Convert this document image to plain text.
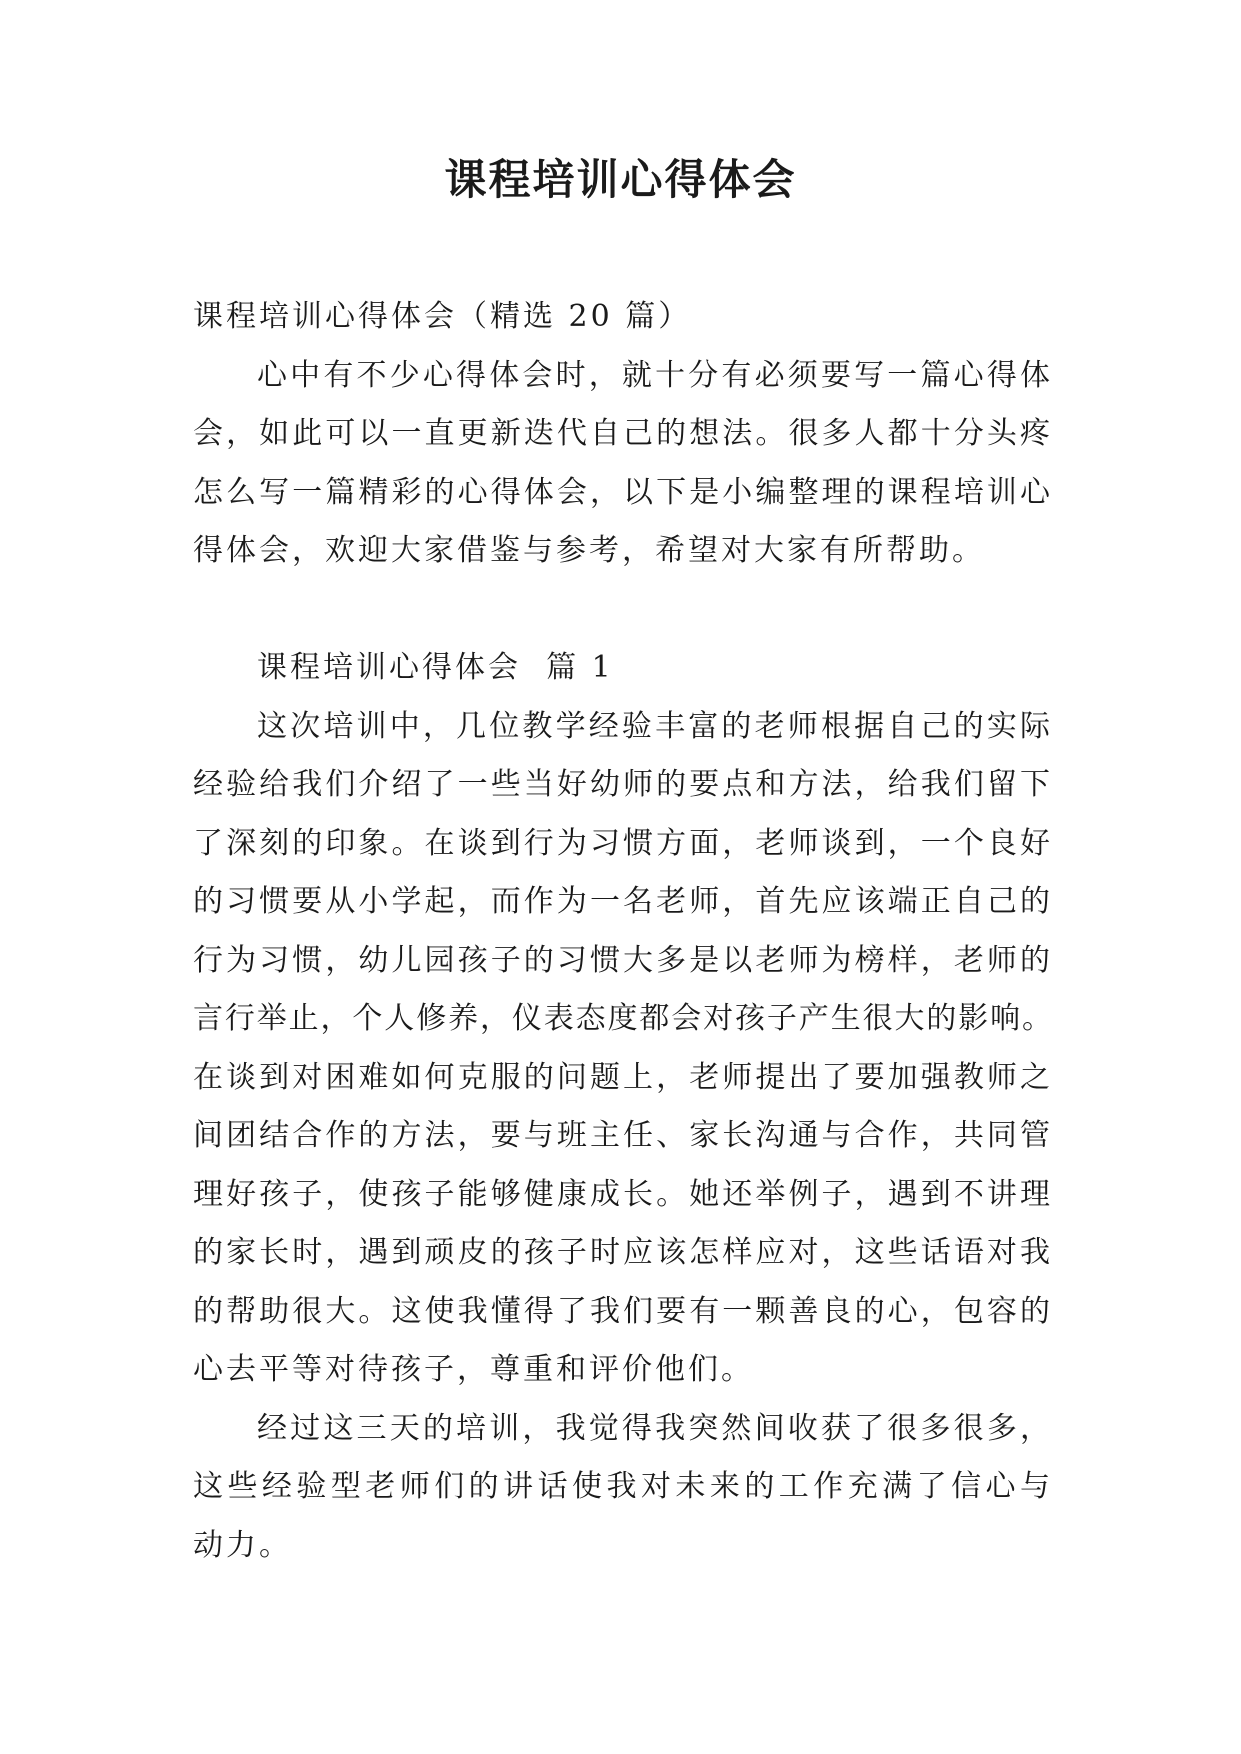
课程培训心得体会

课程培训心得体会（精选 20 篇）

心中有不少心得体会时，就十分有必须要写一篇心得体

会，如此可以一直更新迭代自己的想法。很多人都十分头疼

怎么写一篇精彩的心得体会，以下是小编整理的课程培训心

得体会，欢迎大家借鉴与参考，希望对大家有所帮助。

课程培训心得体会  篇 1

这次培训中，几位教学经验丰富的老师根据自己的实际

经验给我们介绍了一些当好幼师的要点和方法，给我们留下

了深刻的印象。在谈到行为习惯方面，老师谈到，一个良好

的习惯要从小学起，而作为一名老师，首先应该端正自己的

行为习惯，幼儿园孩子的习惯大多是以老师为榜样，老师的

言行举止，个人修养，仪表态度都会对孩子产生很大的影响。

在谈到对困难如何克服的问题上，老师提出了要加强教师之

间团结合作的方法，要与班主任、家长沟通与合作，共同管

理好孩子，使孩子能够健康成长。她还举例子，遇到不讲理

的家长时，遇到顽皮的孩子时应该怎样应对，这些话语对我

的帮助很大。这使我懂得了我们要有一颗善良的心，包容的

心去平等对待孩子，尊重和评价他们。

经过这三天的培训，我觉得我突然间收获了很多很多，

这些经验型老师们的讲话使我对未来的工作充满了信心与

动力。
